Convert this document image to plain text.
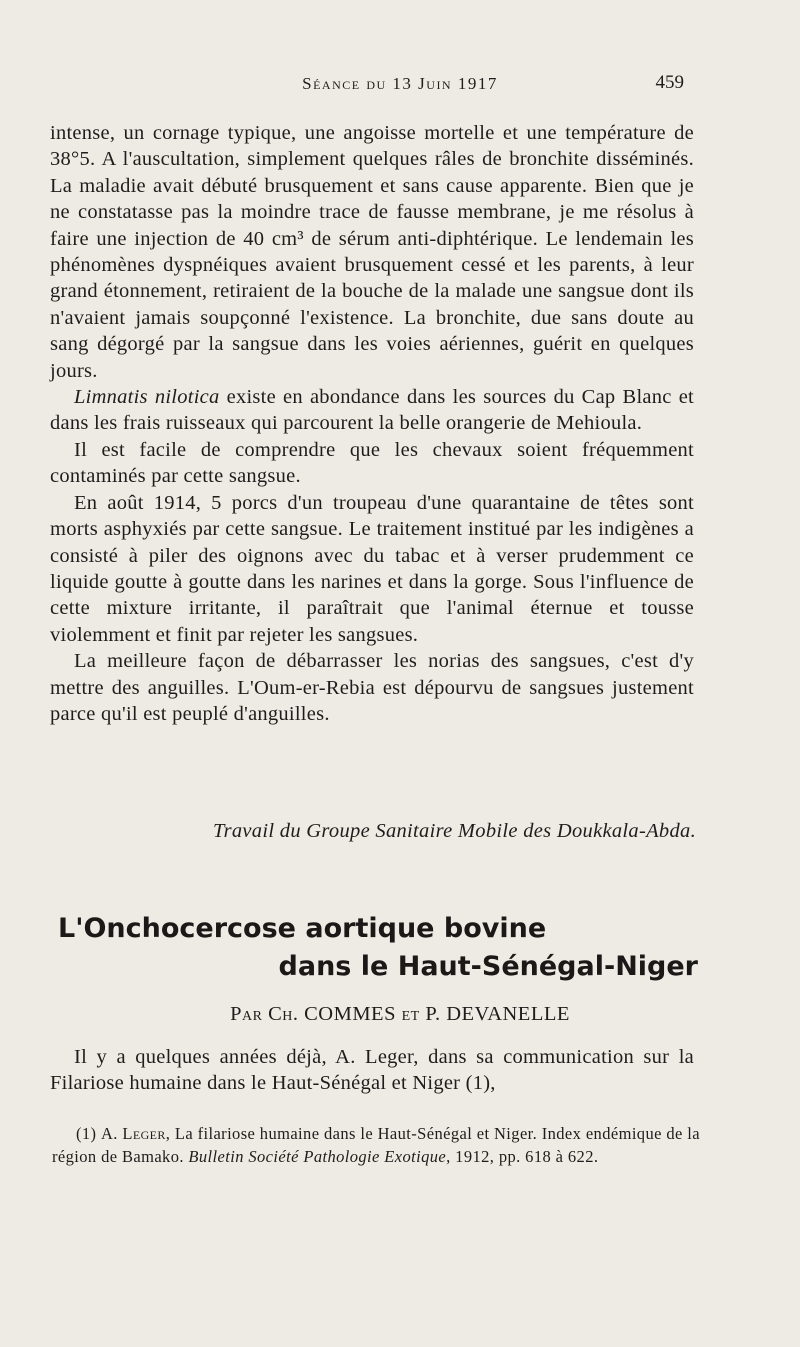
Séance du 13 Juin 1917	459

intense, un cornage typique, une angoisse mortelle et une température de 38°5. A l'auscultation, simplement quelques râles de bronchite disséminés. La maladie avait débuté brusquement et sans cause apparente. Bien que je ne constatasse pas la moindre trace de fausse membrane, je me résolus à faire une injection de 40 cm³ de sérum anti-diphtérique. Le lendemain les phénomènes dyspnéiques avaient brusquement cessé et les parents, à leur grand étonnement, retiraient de la bouche de la malade une sangsue dont ils n'avaient jamais soupçonné l'existence. La bronchite, due sans doute au sang dégorgé par la sangsue dans les voies aériennes, guérit en quelques jours.

Limnatis nilotica existe en abondance dans les sources du Cap Blanc et dans les frais ruisseaux qui parcourent la belle orangerie de Mehioula.

Il est facile de comprendre que les chevaux soient fréquemment contaminés par cette sangsue.

En août 1914, 5 porcs d'un troupeau d'une quarantaine de têtes sont morts asphyxiés par cette sangsue. Le traitement institué par les indigènes a consisté à piler des oignons avec du tabac et à verser prudemment ce liquide goutte à goutte dans les narines et dans la gorge. Sous l'influence de cette mixture irritante, il paraîtrait que l'animal éternue et tousse violemment et finit par rejeter les sangsues.

La meilleure façon de débarrasser les norias des sangsues, c'est d'y mettre des anguilles. L'Oum-er-Rebia est dépourvu de sangsues justement parce qu'il est peuplé d'anguilles.

Travail du Groupe Sanitaire Mobile des Doukkala-Abda.
L'Onchocercose aortique bovine
dans le Haut-Sénégal-Niger
Par Ch. COMMES et P. DEVANELLE

Il y a quelques années déjà, A. Leger, dans sa communication sur la Filariose humaine dans le Haut-Sénégal et Niger (1),

(1) A. Leger, La filariose humaine dans le Haut-Sénégal et Niger. Index endémique de la région de Bamako. Bulletin Société Pathologie Exotique, 1912, pp. 618 à 622.
